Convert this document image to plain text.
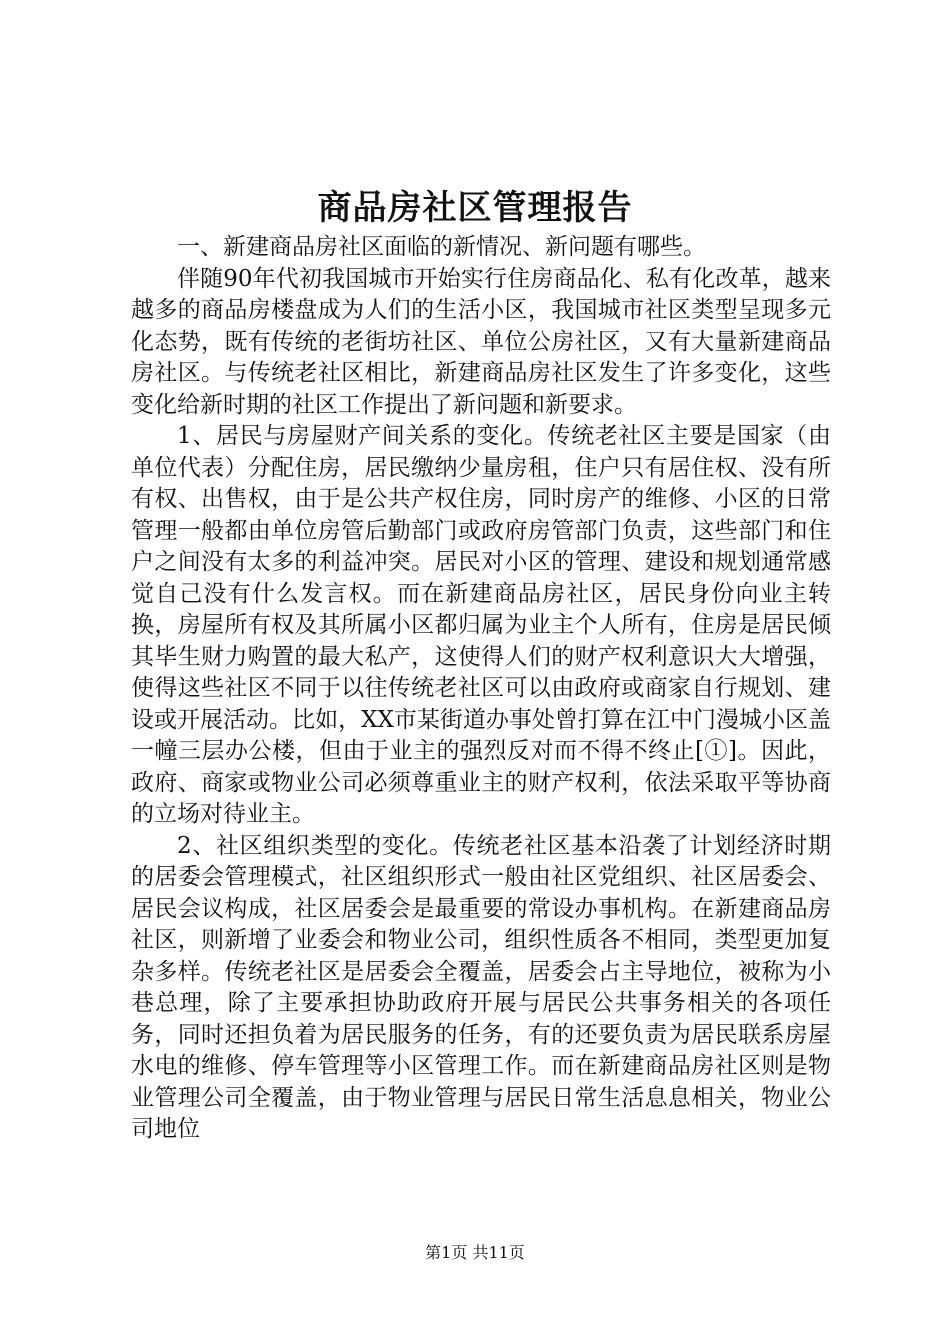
商品房社区管理报告

一、新建商品房社区面临的新情况、新问题有哪些。

伴随90年代初我国城市开始实行住房商品化、私有化改革，越来越多的商品房楼盘成为人们的生活小区，我国城市社区类型呈现多元化态势，既有传统的老街坊社区、单位公房社区，又有大量新建商品房社区。与传统老社区相比，新建商品房社区发生了许多变化，这些变化给新时期的社区工作提出了新问题和新要求。

1、居民与房屋财产间关系的变化。传统老社区主要是国家（由单位代表）分配住房，居民缴纳少量房租，住户只有居住权、没有所有权、出售权，由于是公共产权住房，同时房产的维修、小区的日常管理一般都由单位房管后勤部门或政府房管部门负责，这些部门和住户之间没有太多的利益冲突。居民对小区的管理、建设和规划通常感觉自己没有什么发言权。而在新建商品房社区，居民身份向业主转换，房屋所有权及其所属小区都归属为业主个人所有，住房是居民倾其毕生财力购置的最大私产，这使得人们的财产权利意识大大增强，使得这些社区不同于以往传统老社区可以由政府或商家自行规划、建设或开展活动。比如，XX市某街道办事处曾打算在江中门漫城小区盖一幢三层办公楼，但由于业主的强烈反对而不得不终止[①]。因此，政府、商家或物业公司必须尊重业主的财产权利，依法采取平等协商的立场对待业主。

2、社区组织类型的变化。传统老社区基本沿袭了计划经济时期的居委会管理模式，社区组织形式一般由社区党组织、社区居委会、居民会议构成，社区居委会是最重要的常设办事机构。在新建商品房社区，则新增了业委会和物业公司，组织性质各不相同，类型更加复杂多样。传统老社区是居委会全覆盖，居委会占主导地位，被称为小巷总理，除了主要承担协助政府开展与居民公共事务相关的各项任务，同时还担负着为居民服务的任务，有的还要负责为居民联系房屋水电的维修、停车管理等小区管理工作。而在新建商品房社区则是物业管理公司全覆盖，由于物业管理与居民日常生活息息相关，物业公司地位

第1页 共11页
